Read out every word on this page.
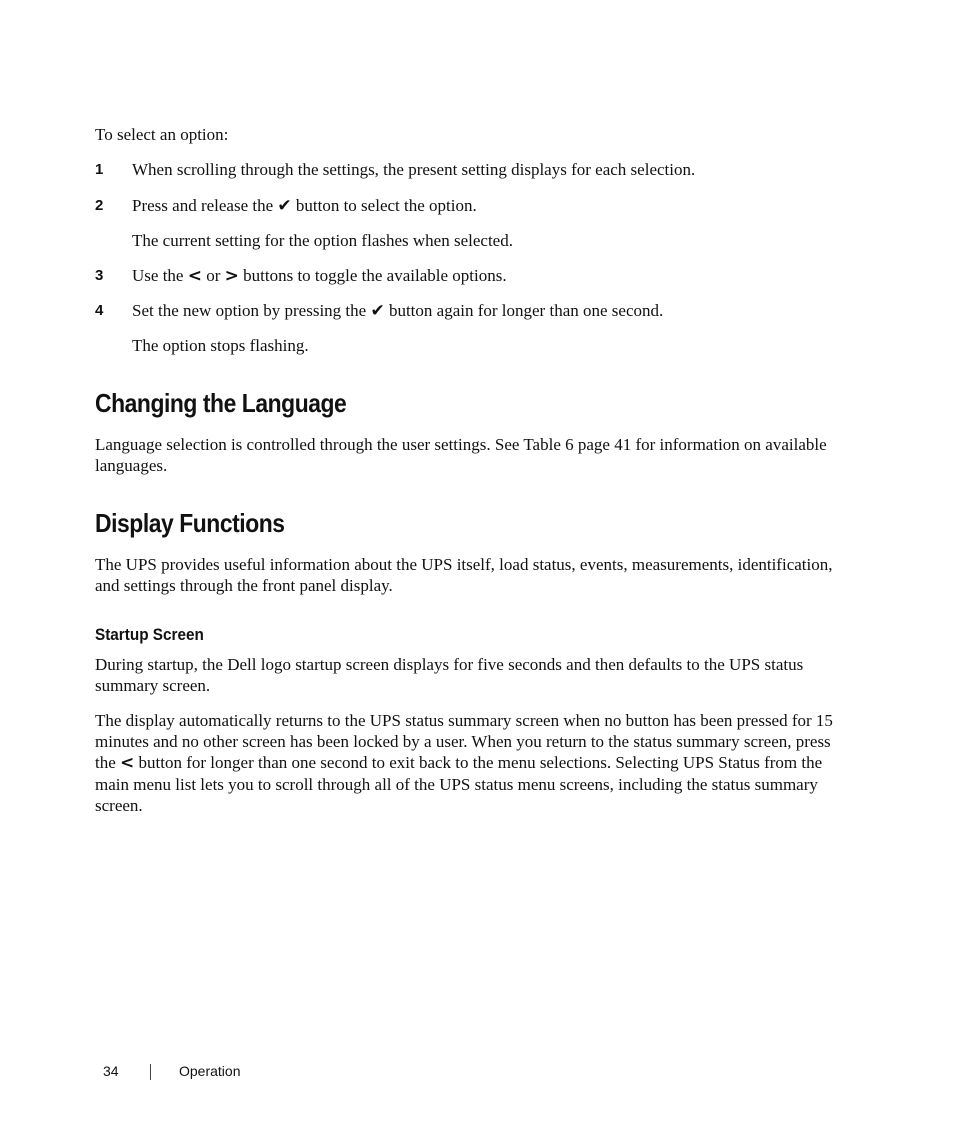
To select an option:
1 When scrolling through the settings, the present setting displays for each selection.
2 Press and release the ✔ button to select the option.
The current setting for the option flashes when selected.
3 Use the < or > buttons to toggle the available options.
4 Set the new option by pressing the ✔ button again for longer than one second.
The option stops flashing.
Changing the Language
Language selection is controlled through the user settings. See Table 6 page 41 for information on available languages.
Display Functions
The UPS provides useful information about the UPS itself, load status, events, measurements, identification, and settings through the front panel display.
Startup Screen
During startup, the Dell logo startup screen displays for five seconds and then defaults to the UPS status summary screen.
The display automatically returns to the UPS status summary screen when no button has been pressed for 15 minutes and no other screen has been locked by a user. When you return to the status summary screen, press the < button for longer than one second to exit back to the menu selections. Selecting UPS Status from the main menu list lets you to scroll through all of the UPS status menu screens, including the status summary screen.
34	Operation
